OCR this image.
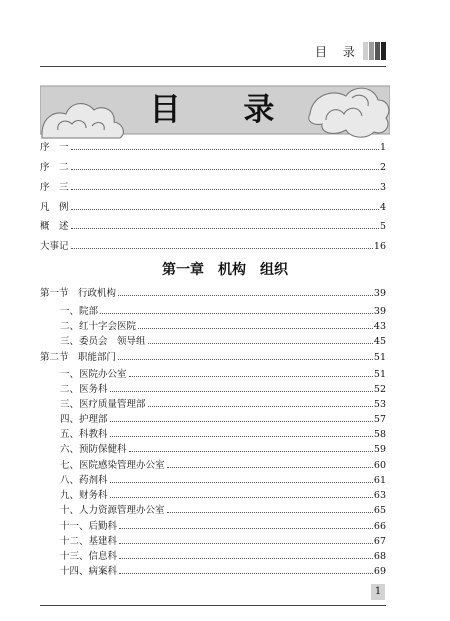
目 录
目 录
序　一	1
序　二	2
序　三	3
凡　例	4
概　述	5
大事记	16
第一章　机构　组织
第一节　行政机构	39
一、院部	39
二、红十字会医院	43
三、委员会　领导组	45
第二节　职能部门	51
一、医院办公室	51
二、医务科	52
三、医疗质量管理部	53
四、护理部	57
五、科教科	58
六、预防保健科	59
七、医院感染管理办公室	60
八、药剂科	61
九、财务科	63
十、人力资源管理办公室	65
十一、后勤科	66
十二、基建科	67
十三、信息科	68
十四、病案科	69
1
